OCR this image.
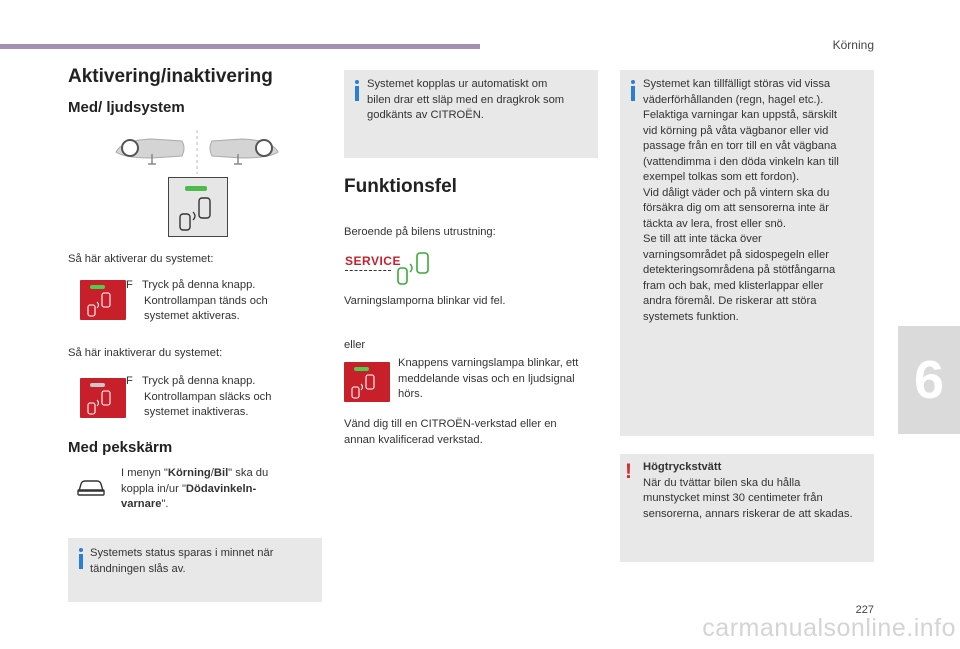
Körning
6
227
carmanualsonline.info
Aktivering/inaktivering
Med/ ljudsystem
Så här aktiverar du systemet:
F Tryck på denna knapp.
Kontrollampan tänds och
systemet aktiveras.
Så här inaktiverar du systemet:
F Tryck på denna knapp.
Kontrollampan släcks och
systemet inaktiveras.
Med pekskärm
I menyn "Körning/Bil" ska du
koppla in/ur "Dödavinkeln-
varnare".
Systemets status sparas i minnet när
tändningen slås av.
Systemet kopplas ur automatiskt om
bilen drar ett släp med en dragkrok som
godkänts av CITROËN.
Funktionsfel
Beroende på bilens utrustning:
SERVICE
Varningslamporna blinkar vid fel.
eller
Knappens varningslampa blinkar, ett
meddelande visas och en ljudsignal
hörs.
Vänd dig till en CITROËN-verkstad eller en
annan kvalificerad verkstad.
Systemet kan tillfälligt störas vid vissa
väderförhållanden (regn, hagel etc.).
Felaktiga varningar kan uppstå, särskilt
vid körning på våta vägbanor eller vid
passage från en torr till en våt vägbana
(vattendimma i den döda vinkeln kan till
exempel tolkas som ett fordon).
Vid dåligt väder och på vintern ska du
försäkra dig om att sensorerna inte är
täckta av lera, frost eller snö.
Se till att inte täcka över
varningsområdet på sidospegeln eller
detekteringsområdena på stötfångarna
fram och bak, med klisterlappar eller
andra föremål. De riskerar att störa
systemets funktion.
! Högtryckstvätt
När du tvättar bilen ska du hålla
munstycket minst 30 centimeter från
sensorerna, annars riskerar de att skadas.
